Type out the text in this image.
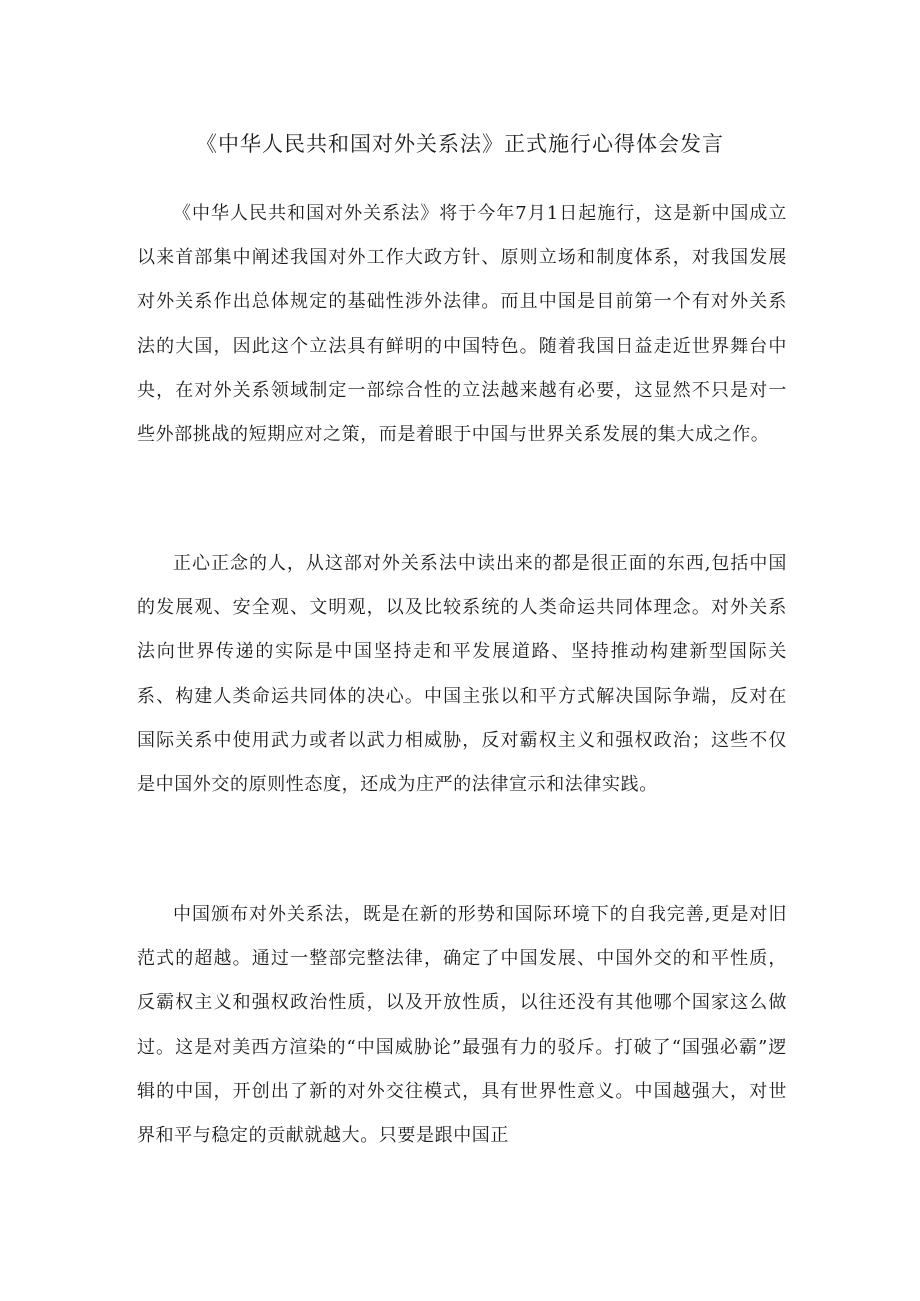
《中华人民共和国对外关系法》正式施行心得体会发言

《中华人民共和国对外关系法》将于今年7月1日起施行，这是新中国成立以来首部集中阐述我国对外工作大政方针、原则立场和制度体系，对我国发展对外关系作出总体规定的基础性涉外法律。而且中国是目前第一个有对外关系法的大国，因此这个立法具有鲜明的中国特色。随着我国日益走近世界舞台中央，在对外关系领域制定一部综合性的立法越来越有必要，这显然不只是对一些外部挑战的短期应对之策，而是着眼于中国与世界关系发展的集大成之作。

正心正念的人，从这部对外关系法中读出来的都是很正面的东西,包括中国的发展观、安全观、文明观，以及比较系统的人类命运共同体理念。对外关系法向世界传递的实际是中国坚持走和平发展道路、坚持推动构建新型国际关系、构建人类命运共同体的决心。中国主张以和平方式解决国际争端，反对在国际关系中使用武力或者以武力相威胁，反对霸权主义和强权政治；这些不仅是中国外交的原则性态度，还成为庄严的法律宣示和法律实践。

中国颁布对外关系法，既是在新的形势和国际环境下的自我完善,更是对旧范式的超越。通过一整部完整法律，确定了中国发展、中国外交的和平性质，反霸权主义和强权政治性质，以及开放性质，以往还没有其他哪个国家这么做过。这是对美西方渲染的“中国威胁论”最强有力的驳斥。打破了“国强必霸”逻辑的中国，开创出了新的对外交往模式，具有世界性意义。中国越强大，对世界和平与稳定的贡献就越大。只要是跟中国正
